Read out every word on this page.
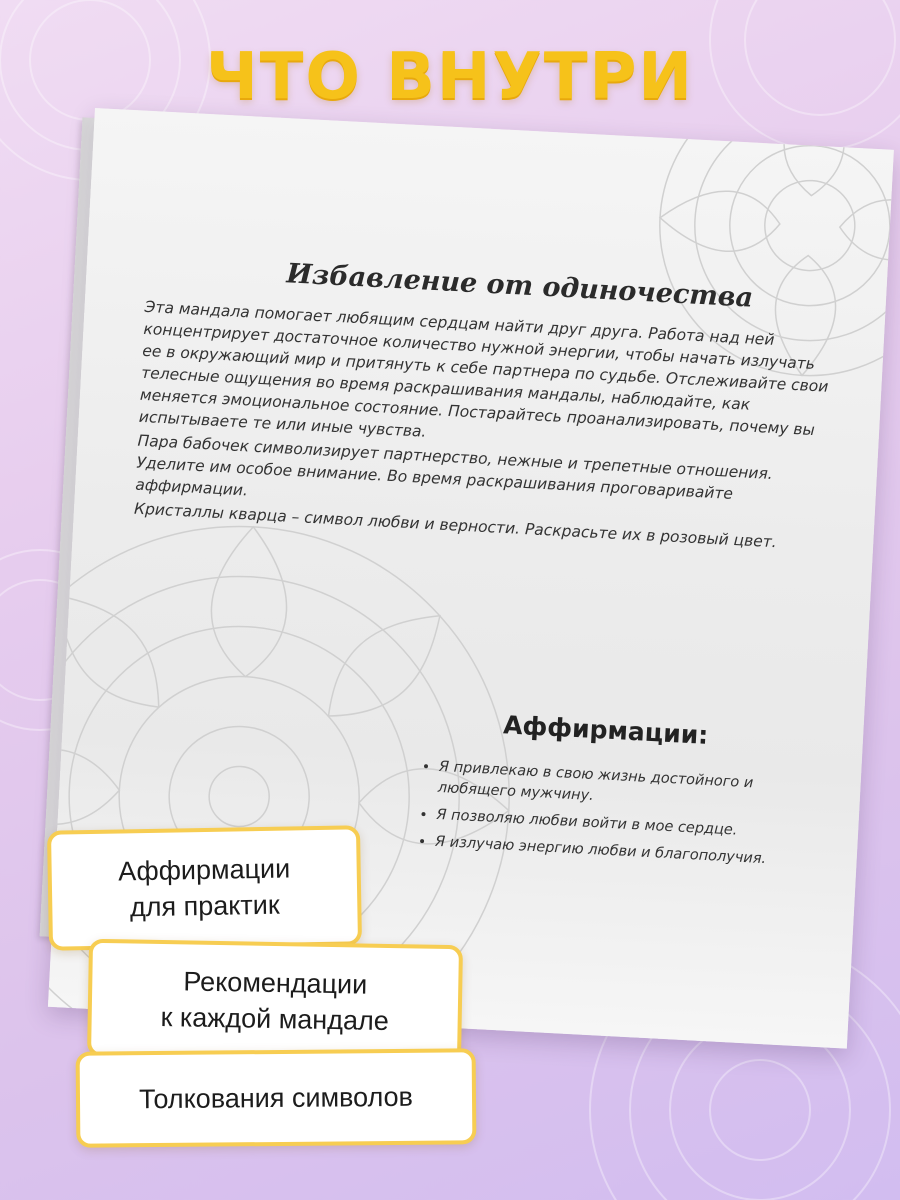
ЧТО ВНУТРИ
Избавление от одиночества

Эта мандала помогает любящим сердцам найти друг друга. Работа над ней концентрирует достаточное количество нужной энергии, чтобы начать излучать ее в окружающий мир и притянуть к себе партнера по судьбе. Отслеживайте свои телесные ощущения во время раскрашивания мандалы, наблюдайте, как меняется эмоциональное состояние. Постарайтесь проанализировать, почему вы испытываете те или иные чувства.

Пара бабочек символизирует партнерство, нежные и трепетные отношения. Уделите им особое внимание. Во время раскрашивания проговаривайте аффирмации.

Кристаллы кварца – символ любви и верности. Раскрасьте их в розовый цвет.

Аффирмации:
• Я привлекаю в свою жизнь достойного и любящего мужчину.
• Я позволяю любви войти в мое сердце.
• Я излучаю энергию любви и благополучия.
Аффирмации
для практик
Рекомендации
к каждой мандале
Толкования символов
